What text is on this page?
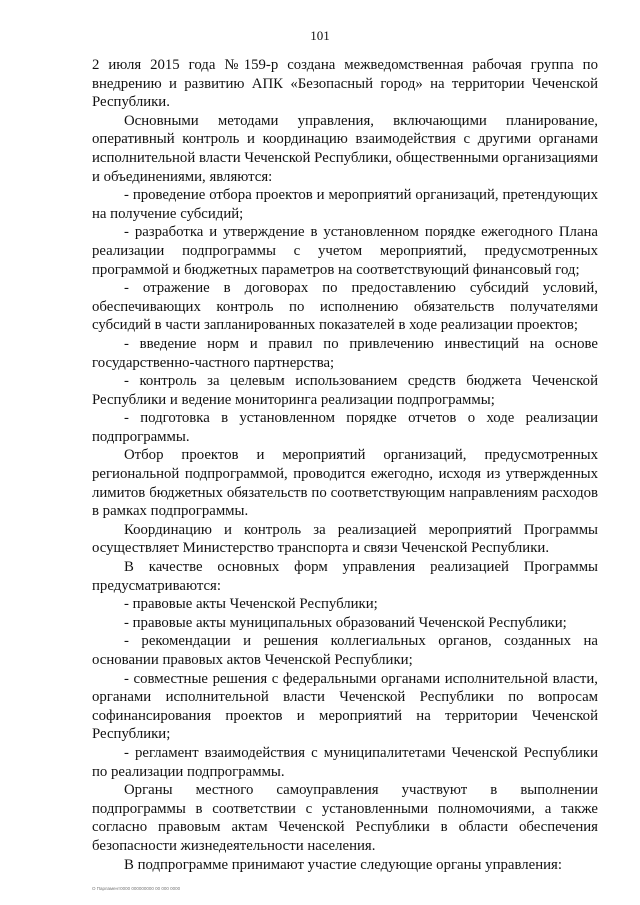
101

2 июля 2015 года №159-р создана межведомственная рабочая группа по внедрению и развитию АПК «Безопасный город» на территории Чеченской Республики.

Основными методами управления, включающими планирование, оперативный контроль и координацию взаимодействия с другими органами исполнительной власти Чеченской Республики, общественными организациями и объединениями, являются:

- проведение отбора проектов и мероприятий организаций, претендующих на получение субсидий;

- разработка и утверждение в установленном порядке ежегодного Плана реализации подпрограммы с учетом мероприятий, предусмотренных программой и бюджетных параметров на соответствующий финансовый год;

- отражение в договорах по предоставлению субсидий условий, обеспечивающих контроль по исполнению обязательств получателями субсидий в части запланированных показателей в ходе реализации проектов;

- введение норм и правил по привлечению инвестиций на основе государственно-частного партнерства;

- контроль за целевым использованием средств бюджета Чеченской Республики и ведение мониторинга реализации подпрограммы;

- подготовка в установленном порядке отчетов о ходе реализации подпрограммы.

Отбор проектов и мероприятий организаций, предусмотренных региональной подпрограммой, проводится ежегодно, исходя из утвержденных лимитов бюджетных обязательств по соответствующим направлениям расходов в рамках подпрограммы.

Координацию и контроль за реализацией мероприятий Программы осуществляет Министерство транспорта и связи Чеченской Республики.

В качестве основных форм управления реализацией Программы предусматриваются:

- правовые акты Чеченской Республики;

- правовые акты муниципальных образований Чеченской Республики;

- рекомендации и решения коллегиальных органов, созданных на основании правовых актов Чеченской Республики;

- совместные решения с федеральными органами исполнительной власти, органами исполнительной власти Чеченской Республики по вопросам софинансирования проектов и мероприятий на территории Чеченской Республики;

- регламент взаимодействия с муниципалитетами Чеченской Республики по реализации подпрограммы.

Органы местного самоуправления участвуют в выполнении подпрограммы в соответствии с установленными полномочиями, а также согласно правовым актам Чеченской Республики в области обеспечения безопасности жизнедеятельности населения.

В подпрограмме принимают участие следующие органы управления:

О Парламент0000 000000000 00 000 0000
